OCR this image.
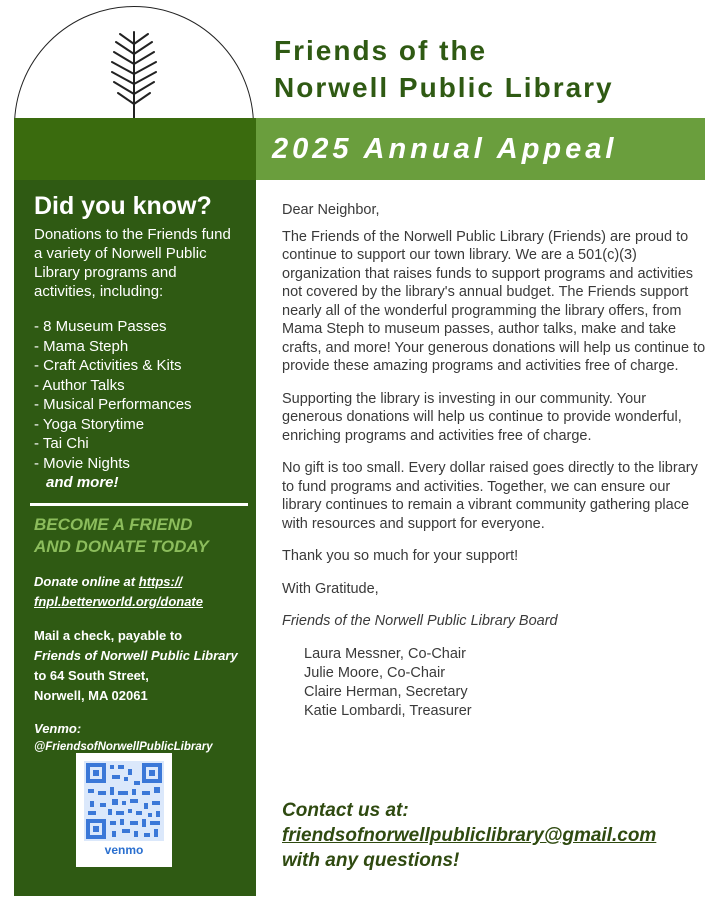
Friends of the
Norwell Public Library
2025 Annual Appeal
Did you know?

Donations to the Friends fund a variety of Norwell Public Library programs and activities, including:

- 8 Museum Passes
- Mama Steph
- Craft Activities & Kits
- Author Talks
- Musical Performances
- Yoga Storytime
- Tai Chi
- Movie Nights

and more!

BECOME A FRIEND
AND DONATE TODAY

Donate online at https://
fnpl.betterworld.org/donate

Mail a check, payable to
Friends of Norwell Public Library to 64 South Street,
Norwell, MA 02061

Venmo:
@FriendsofNorwellPublicLibrary

venmo

Dear Neighbor,

The Friends of the Norwell Public Library (Friends) are proud to continue to support our town library. We are a 501(c)(3) organization that raises funds to support programs and activities not covered by the library's annual budget. The Friends support nearly all of the wonderful programming the library offers, from Mama Steph to museum passes, author talks, make and take crafts, and more! Your generous donations will help us continue to provide these amazing programs and activities free of charge.

Supporting the library is investing in our community. Your generous donations will help us continue to provide wonderful, enriching programs and activities free of charge.

No gift is too small. Every dollar raised goes directly to the library to fund programs and activities. Together, we can ensure our library continues to remain a vibrant community gathering place with resources and support for everyone.

Thank you so much for your support!

With Gratitude,

Friends of the Norwell Public Library Board

Laura Messner, Co-Chair
Julie Moore, Co-Chair
Claire Herman, Secretary
Katie Lombardi, Treasurer
Contact us at:
friendsofnorwellpubliclibrary@gmail.com
with any questions!
